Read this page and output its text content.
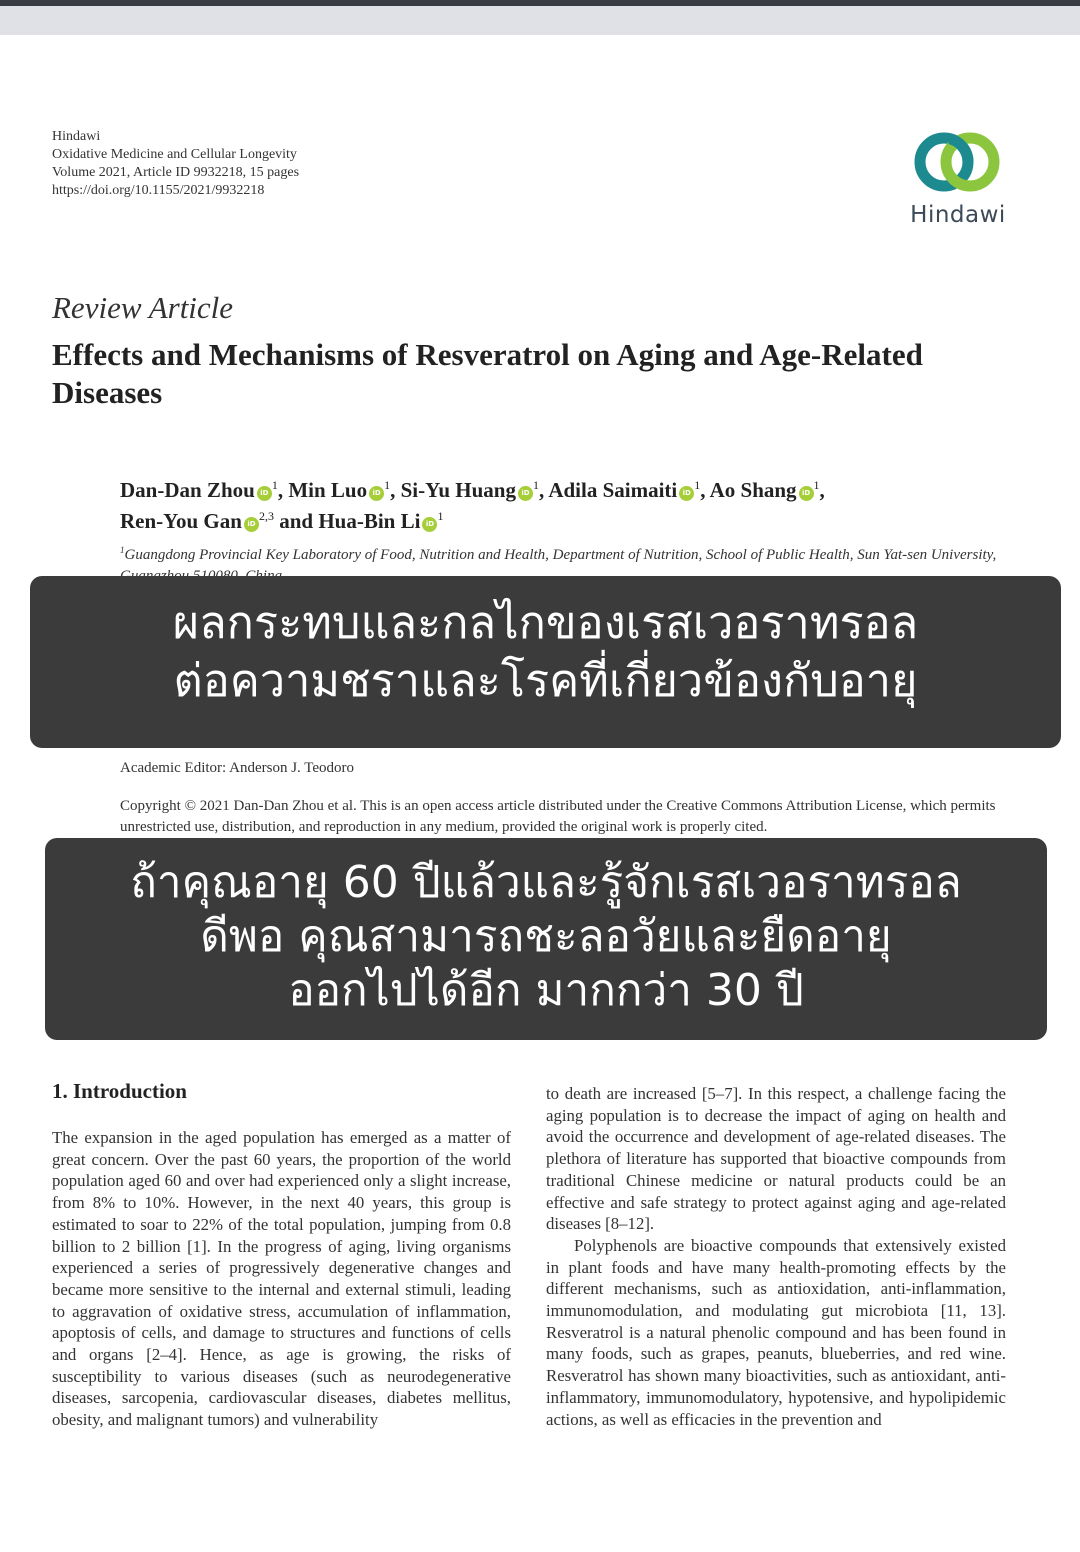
Hindawi
Oxidative Medicine and Cellular Longevity
Volume 2021, Article ID 9932218, 15 pages
https://doi.org/10.1155/2021/9932218
Hindawi
Review Article
Effects and Mechanisms of Resveratrol on Aging and Age-Related Diseases
Dan-Dan Zhou $iD^1$, Min Luo $iD^1$, Si-Yu Huang $iD^1$, Adila Saimaiti $iD^1$, Ao Shang $iD^1$,
Ren-You Gan iD$^{2,3}$ and Hua-Bin Li $iD^1$
$^1$Guangdong Provincial Key Laboratory of Food, Nutrition and Health, Department of Nutrition, School of Public Health, Sun Yat-sen University,
Academic Editor: Anderson J. Teodoro
Copyright © 2021 Dan-Dan Zhou et al. This is an open access article distributed under the Creative Commons Attribution License, which permits unrestricted use, distribution, and reproduction in any medium, provided the original work is properly cited.
ผลกระทบและกลไกของเรสเวอราทรอล
ต่อความชราและโรคที่เกี่ยวข้องกับอายุ
ถ้าคุณอายุ 60 ปีแล้วและรู้จักเรสเวอราทรอล
ดีพอ คุณสามารถชะลอวัยและยืดอายุ
ออกไปได้อีก มากกว่า 30 ปี
1. Introduction

The expansion in the aged population has emerged as a matter of great concern. Over the past 60 years, the proportion of the world population aged 60 and over had experienced only a slight increase, from 8% to 10%. However, in the next 40 years, this group is estimated to soar to 22% of the total population, jumping from 0.8 billion to 2 billion [1]. In the progress of aging, living organisms experienced a series of progressively degenerative changes and became more sensitive to the internal and external stimuli, leading to aggravation of oxidative stress, accumulation of inflammation, apoptosis of cells, and damage to structures and functions of cells and organs [2–4]. Hence, as age is growing, the risks of susceptibility to various diseases (such as neurodegenerative diseases, sarcopenia, cardiovascular diseases, diabetes mellitus, obesity, and malignant tumors) and vulnerability

to death are increased [5–7]. In this respect, a challenge facing the aging population is to decrease the impact of aging on health and avoid the occurrence and development of age-related diseases. The plethora of literature has supported that bioactive compounds from traditional Chinese medicine or natural products could be an effective and safe strategy to protect against aging and age-related diseases [8–12].

Polyphenols are bioactive compounds that extensively existed in plant foods and have many health-promoting effects by the different mechanisms, such as antioxidation, anti-inflammation, immunomodulation, and modulating gut microbiota [11, 13]. Resveratrol is a natural phenolic compound and has been found in many foods, such as grapes, peanuts, blueberries, and red wine. Resveratrol has shown many bioactivities, such as antioxidant, anti-inflammatory, immunomodulatory, hypotensive, and hypolipidemic actions, as well as efficacies in the prevention and
